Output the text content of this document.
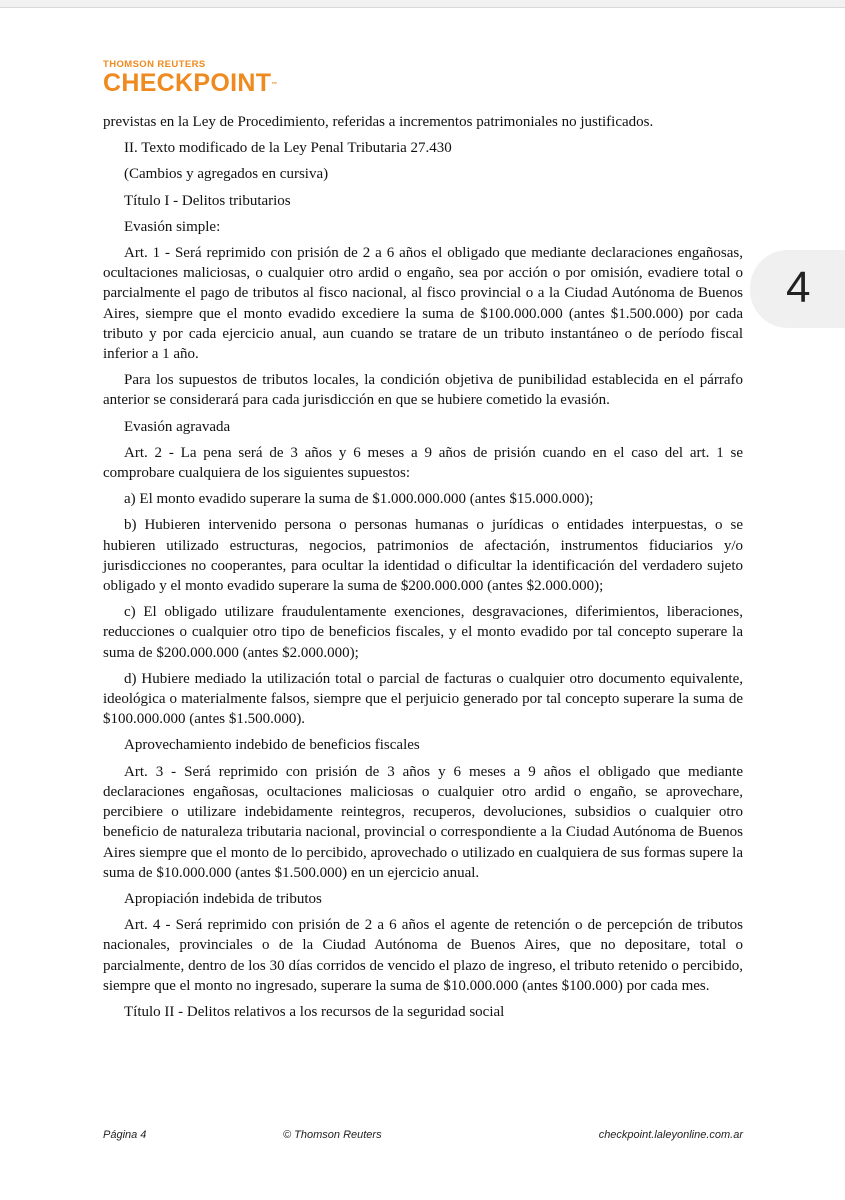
THOMSON REUTERS
CHECKPOINT™
4

previstas en la Ley de Procedimiento, referidas a incrementos patrimoniales no justificados.

II. Texto modificado de la Ley Penal Tributaria 27.430

(Cambios y agregados en cursiva)

Título I - Delitos tributarios

Evasión simple:

Art. 1 - Será reprimido con prisión de 2 a 6 años el obligado que mediante declaraciones engañosas, ocultaciones maliciosas, o cualquier otro ardid o engaño, sea por acción o por omisión, evadiere total o parcialmente el pago de tributos al fisco nacional, al fisco provincial o a la Ciudad Autónoma de Buenos Aires, siempre que el monto evadido excediere la suma de $100.000.000 (antes $1.500.000) por cada tributo y por cada ejercicio anual, aun cuando se tratare de un tributo instantáneo o de período fiscal inferior a 1 año.

Para los supuestos de tributos locales, la condición objetiva de punibilidad establecida en el párrafo anterior se considerará para cada jurisdicción en que se hubiere cometido la evasión.

Evasión agravada

Art. 2 - La pena será de 3 años y 6 meses a 9 años de prisión cuando en el caso del art. 1 se comprobare cualquiera de los siguientes supuestos:

a) El monto evadido superare la suma de $1.000.000.000 (antes $15.000.000);

b) Hubieren intervenido persona o personas humanas o jurídicas o entidades interpuestas, o se hubieren utilizado estructuras, negocios, patrimonios de afectación, instrumentos fiduciarios y/o jurisdicciones no cooperantes, para ocultar la identidad o dificultar la identificación del verdadero sujeto obligado y el monto evadido superare la suma de $200.000.000 (antes $2.000.000);

c) El obligado utilizare fraudulentamente exenciones, desgravaciones, diferimientos, liberaciones, reducciones o cualquier otro tipo de beneficios fiscales, y el monto evadido por tal concepto superare la suma de $200.000.000 (antes $2.000.000);

d) Hubiere mediado la utilización total o parcial de facturas o cualquier otro documento equivalente, ideológica o materialmente falsos, siempre que el perjuicio generado por tal concepto superare la suma de $100.000.000 (antes $1.500.000).

Aprovechamiento indebido de beneficios fiscales

Art. 3 - Será reprimido con prisión de 3 años y 6 meses a 9 años el obligado que mediante declaraciones engañosas, ocultaciones maliciosas o cualquier otro ardid o engaño, se aprovechare, percibiere o utilizare indebidamente reintegros, recuperos, devoluciones, subsidios o cualquier otro beneficio de naturaleza tributaria nacional, provincial o correspondiente a la Ciudad Autónoma de Buenos Aires siempre que el monto de lo percibido, aprovechado o utilizado en cualquiera de sus formas supere la suma de $10.000.000 (antes $1.500.000) en un ejercicio anual.

Apropiación indebida de tributos

Art. 4 - Será reprimido con prisión de 2 a 6 años el agente de retención o de percepción de tributos nacionales, provinciales o de la Ciudad Autónoma de Buenos Aires, que no depositare, total o parcialmente, dentro de los 30 días corridos de vencido el plazo de ingreso, el tributo retenido o percibido, siempre que el monto no ingresado, superare la suma de $10.000.000 (antes $100.000) por cada mes.

Título II - Delitos relativos a los recursos de la seguridad social

Página 4	© Thomson Reuters	checkpoint.laleyonline.com.ar
